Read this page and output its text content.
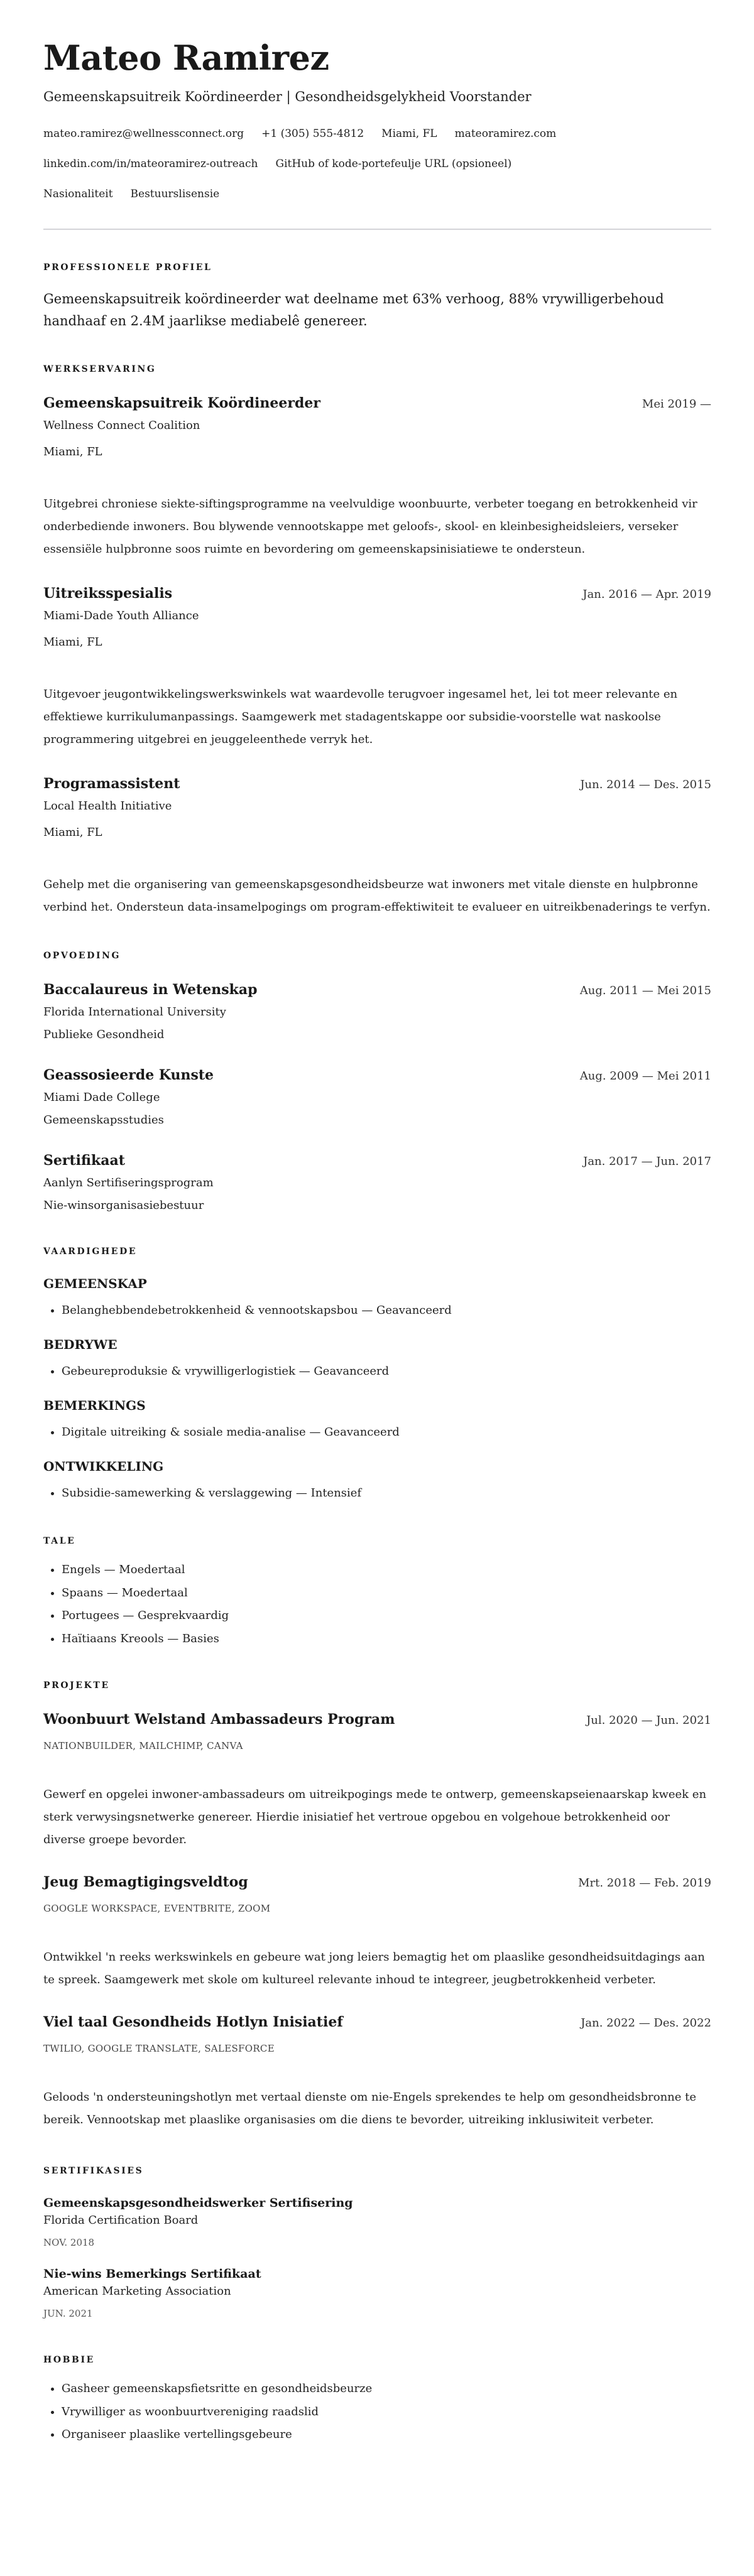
Mateo Ramirez
Gemeenskapsuitreik Koördineerder | Gesondheidsgelykheid Voorstander
mateo.ramirez@wellnessconnect.org +1 (305) 555-4812 Miami, FL mateoramirez.com
linkedin.com/in/mateoramirez-outreach GitHub of kode-portefeulje URL (opsioneel)
Nasionaliteit Bestuurslisensie
PROFESSIONELE PROFIEL
Gemeenskapsuitreik koördineerder wat deelname met 63% verhoog, 88% vrywilligerbehoud handhaaf en 2.4M jaarlikse mediabelê genereer.
WERKSERVARING
Gemeenskapsuitreik Koördineerder	Mei 2019 —
Wellness Connect Coalition
Miami, FL
Uitgebrei chroniese siekte-siftingsprogramme na veelvuldige woonbuurte, verbeter toegang en betrokkenheid vir onderbediende inwoners. Bou blywende vennootskappe met geloofs-, skool- en kleinbesigheidsleiers, verseker essensiële hulpbronne soos ruimte en bevordering om gemeenskapsinisiatiewe te ondersteun.
Uitreiksspesialis	Jan. 2016 — Apr. 2019
Miami-Dade Youth Alliance
Miami, FL
Uitgevoer jeugontwikkelingswerkswinkels wat waardevolle terugvoer ingesamel het, lei tot meer relevante en effektiewe kurrikulumanpassings. Saamgewerk met stadagentskappe oor subsidie-voorstelle wat naskoolse programmering uitgebrei en jeuggeleenthede verryk het.
Programassistent	Jun. 2014 — Des. 2015
Local Health Initiative
Miami, FL
Gehelp met die organisering van gemeenskapsgesondheidsbeurze wat inwoners met vitale dienste en hulpbronne verbind het. Ondersteun data-insamelpogings om program-effektiwiteit te evalueer en uitreikbenaderings te verfyn.
OPVOEDING
Baccalaureus in Wetenskap	Aug. 2011 — Mei 2015
Florida International University
Publieke Gesondheid
Geassosieerde Kunste	Aug. 2009 — Mei 2011
Miami Dade College
Gemeenskapsstudies
Sertifikaat	Jan. 2017 — Jun. 2017
Aanlyn Sertifiseringsprogram
Nie-winsorganisasiebestuur
VAARDIGHEDE
GEMEENSKAP
• Belanghebbendebetrokkenheid & vennootskapsbou — Geavanceerd
BEDRYWE
• Gebeureproduksie & vrywilligerlogistiek — Geavanceerd
BEMERKINGS
• Digitale uitreiking & sosiale media-analise — Geavanceerd
ONTWIKKELING
• Subsidie-samewerking & verslaggewing — Intensief
TALE
• Engels — Moedertaal
• Spaans — Moedertaal
• Portugees — Gesprekvaardig
• Haïtiaans Kreools — Basies
PROJEKTE
Woonbuurt Welstand Ambassadeurs Program	Jul. 2020 — Jun. 2021
NATIONBUILDER, MAILCHIMP, CANVA
Gewerf en opgelei inwoner-ambassadeurs om uitreikpogings mede te ontwerp, gemeenskapseienaarskap kweek en sterk verwysingsnetwerke genereer. Hierdie inisiatief het vertroue opgebou en volgehoue betrokkenheid oor diverse groepe bevorder.
Jeug Bemagtigingsveldtog	Mrt. 2018 — Feb. 2019
GOOGLE WORKSPACE, EVENTBRITE, ZOOM
Ontwikkel 'n reeks werkswinkels en gebeure wat jong leiers bemagtig het om plaaslike gesondheidsuitdagings aan te spreek. Saamgewerk met skole om kultureel relevante inhoud te integreer, jeugbetrokkenheid verbeter.
Viel taal Gesondheids Hotlyn Inisiatief	Jan. 2022 — Des. 2022
TWILIO, GOOGLE TRANSLATE, SALESFORCE
Geloods 'n ondersteuningshotlyn met vertaal dienste om nie-Engels sprekendes te help om gesondheidsbronne te bereik. Vennootskap met plaaslike organisasies om die diens te bevorder, uitreiking inklusiwiteit verbeter.
SERTIFIKASIES
Gemeenskapsgesondheidswerker Sertifisering
Florida Certification Board
NOV. 2018
Nie-wins Bemerkings Sertifikaat
American Marketing Association
JUN. 2021
HOBBIE
• Gasheer gemeenskapsfietsritte en gesondheidsbeurze
• Vrywilliger as woonbuurtvereniging raadslid
• Organiseer plaaslike vertellingsgebeure
